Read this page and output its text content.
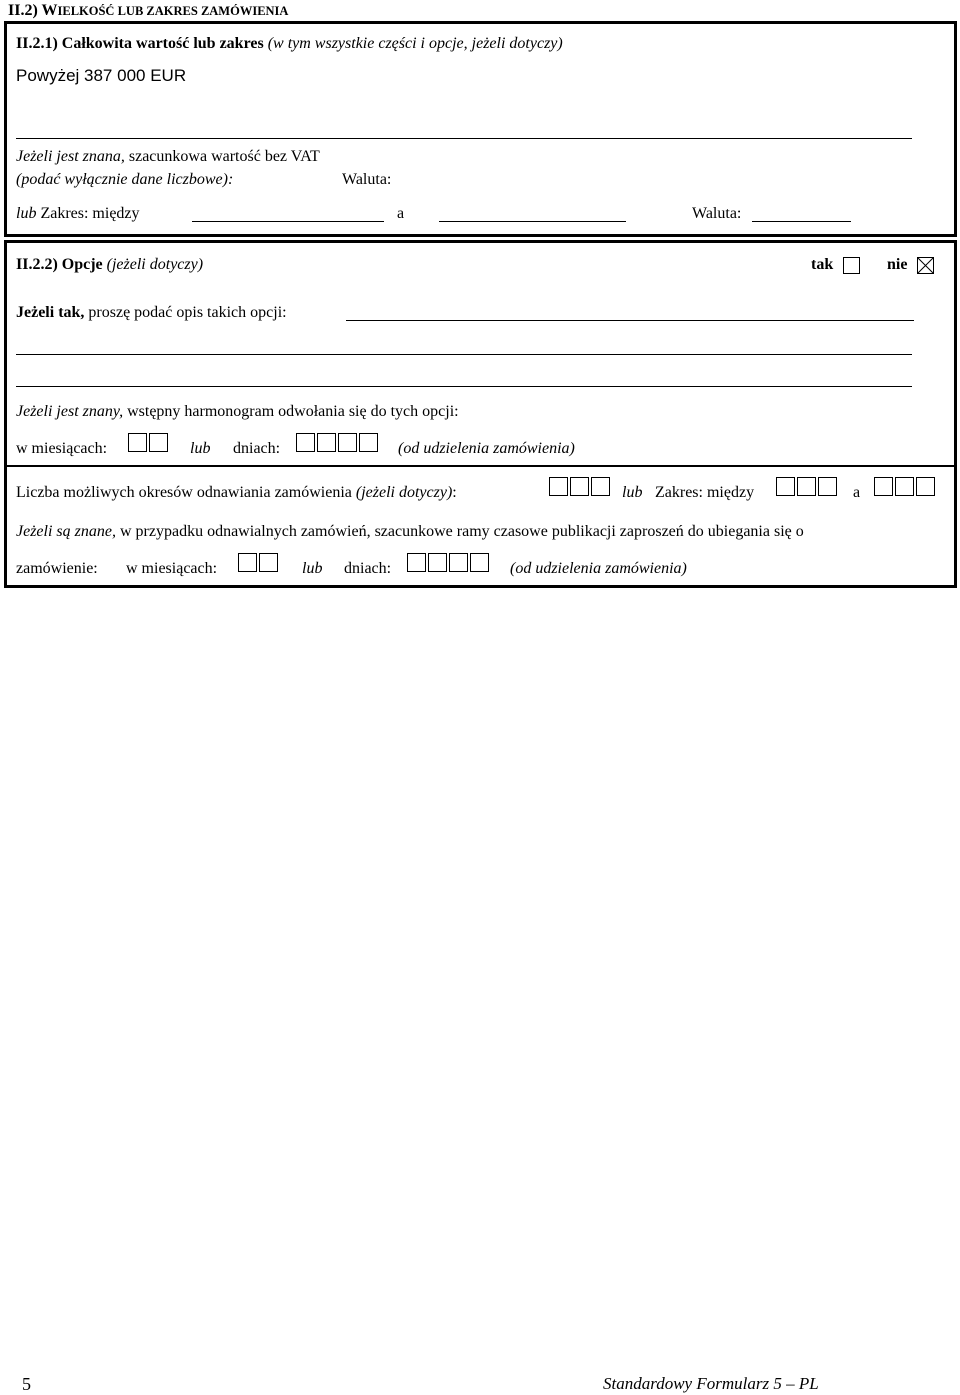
II.2) WIELKOŚĆ LUB ZAKRES ZAMÓWIENIA
II.2.1) Całkowita wartość lub zakres (w tym wszystkie części i opcje, jeżeli dotyczy)
Powyżej 387 000 EUR
Jeżeli jest znana, szacunkowa wartość bez VAT
(podać wyłącznie dane liczbowe):	Waluta:
lub Zakres: między	a	Waluta:
II.2.2) Opcje (jeżeli dotyczy)	tak	nie
Jeżeli tak, proszę podać opis takich opcji:
Jeżeli jest znany, wstępny harmonogram odwołania się do tych opcji:
w miesiącach:	lub dniach:	(od udzielenia zamówienia)
Liczba możliwych okresów odnawiania zamówienia (jeżeli dotyczy):	lub Zakres: między	a
Jeżeli są znane, w przypadku odnawialnych zamówień, szacunkowe ramy czasowe publikacji zaproszeń do ubiegania się o
zamówienie: w miesiącach:	lub dniach:	(od udzielenia zamówienia)
5	Standardowy Formularz 5 – PL
